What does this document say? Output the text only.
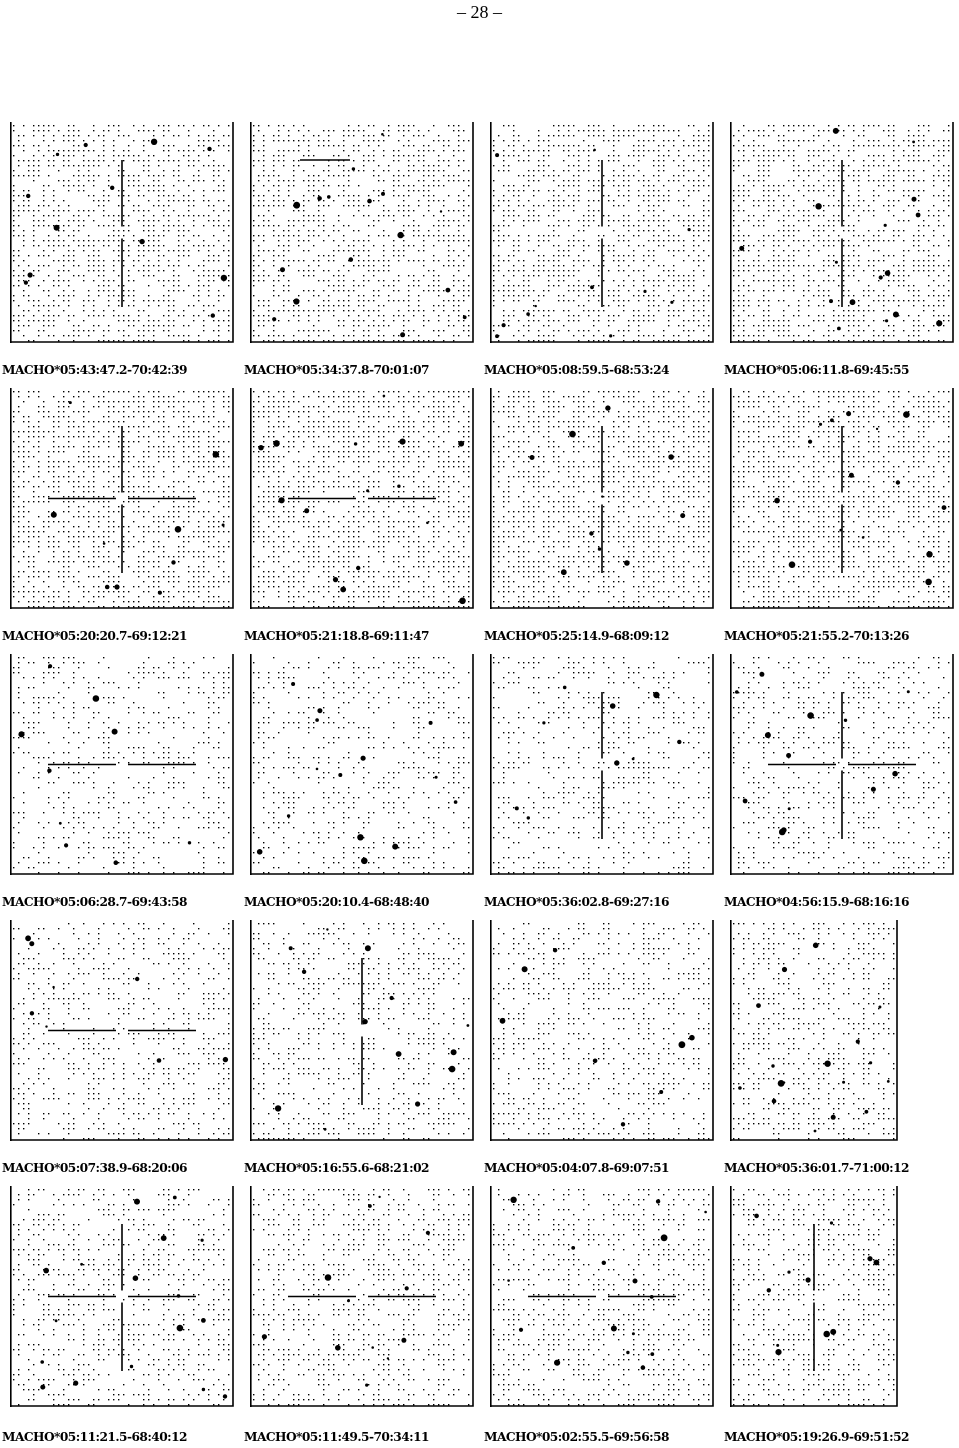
– 28 –
MACHO*05:43:47.2-70:42:39	MACHO*05:34:37.8-70:01:07	MACHO*05:08:59.5-68:53:24	MACHO*05:06:11.8-69:45:55
MACHO*05:20:20.7-69:12:21	MACHO*05:21:18.8-69:11:47	MACHO*05:25:14.9-68:09:12	MACHO*05:21:55.2-70:13:26
MACHO*05:06:28.7-69:43:58	MACHO*05:20:10.4-68:48:40	MACHO*05:36:02.8-69:27:16	MACHO*04:56:15.9-68:16:16
MACHO*05:07:38.9-68:20:06	MACHO*05:16:55.6-68:21:02	MACHO*05:04:07.8-69:07:51	MACHO*05:36:01.7-71:00:12
MACHO*05:11:21.5-68:40:12	MACHO*05:11:49.5-70:34:11	MACHO*05:02:55.5-69:56:58	MACHO*05:19:26.9-69:51:52
